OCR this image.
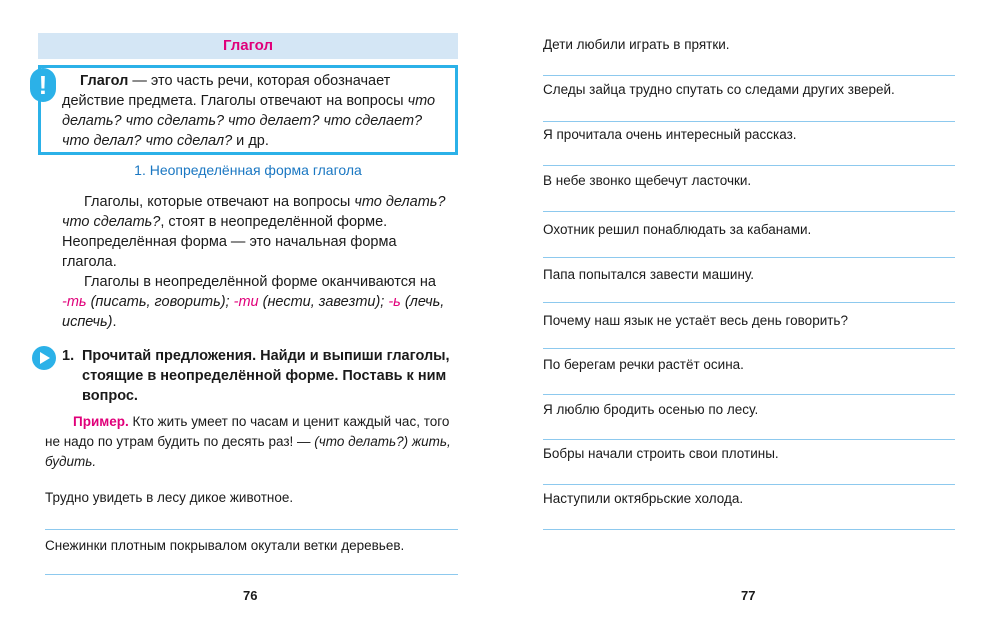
Глагол
!	Глагол — это часть речи, которая обозначает действие предмета. Глаголы отвечают на вопросы что делать? что сделать? что делает? что сделает? что делал? что сделал? и др.

1. Неопределённая форма глагола

Глаголы, которые отвечают на вопросы что делать? что сделать?, стоят в неопределённой форме. Неопределённая форма — это начальная форма глагола.

Глаголы в неопределённой форме оканчиваются на -ть (писать, говорить); -ти (нести, завезти); -ь (лечь, испечь).

1. Прочитай предложения. Найди и выпиши глаголы, стоящие в неопределённой форме. Поставь к ним вопрос.
Пример. Кто жить умеет по часам и ценит каждый час, того не надо по утрам будить по десять раз! — (что делать?) жить, будить.
Трудно увидеть в лесу дикое животное.
Снежинки плотным покрывалом окутали ветки деревьев.
76
Дети любили играть в прятки.
Следы зайца трудно спутать со следами других зверей.
Я прочитала очень интересный рассказ.
В небе звонко щебечут ласточки.
Охотник решил понаблюдать за кабанами.
Папа попытался завести машину.
Почему наш язык не устаёт весь день говорить?
По берегам речки растёт осина.
Я люблю бродить осенью по лесу.
Бобры начали строить свои плотины.
Наступили октябрьские холода.
77
